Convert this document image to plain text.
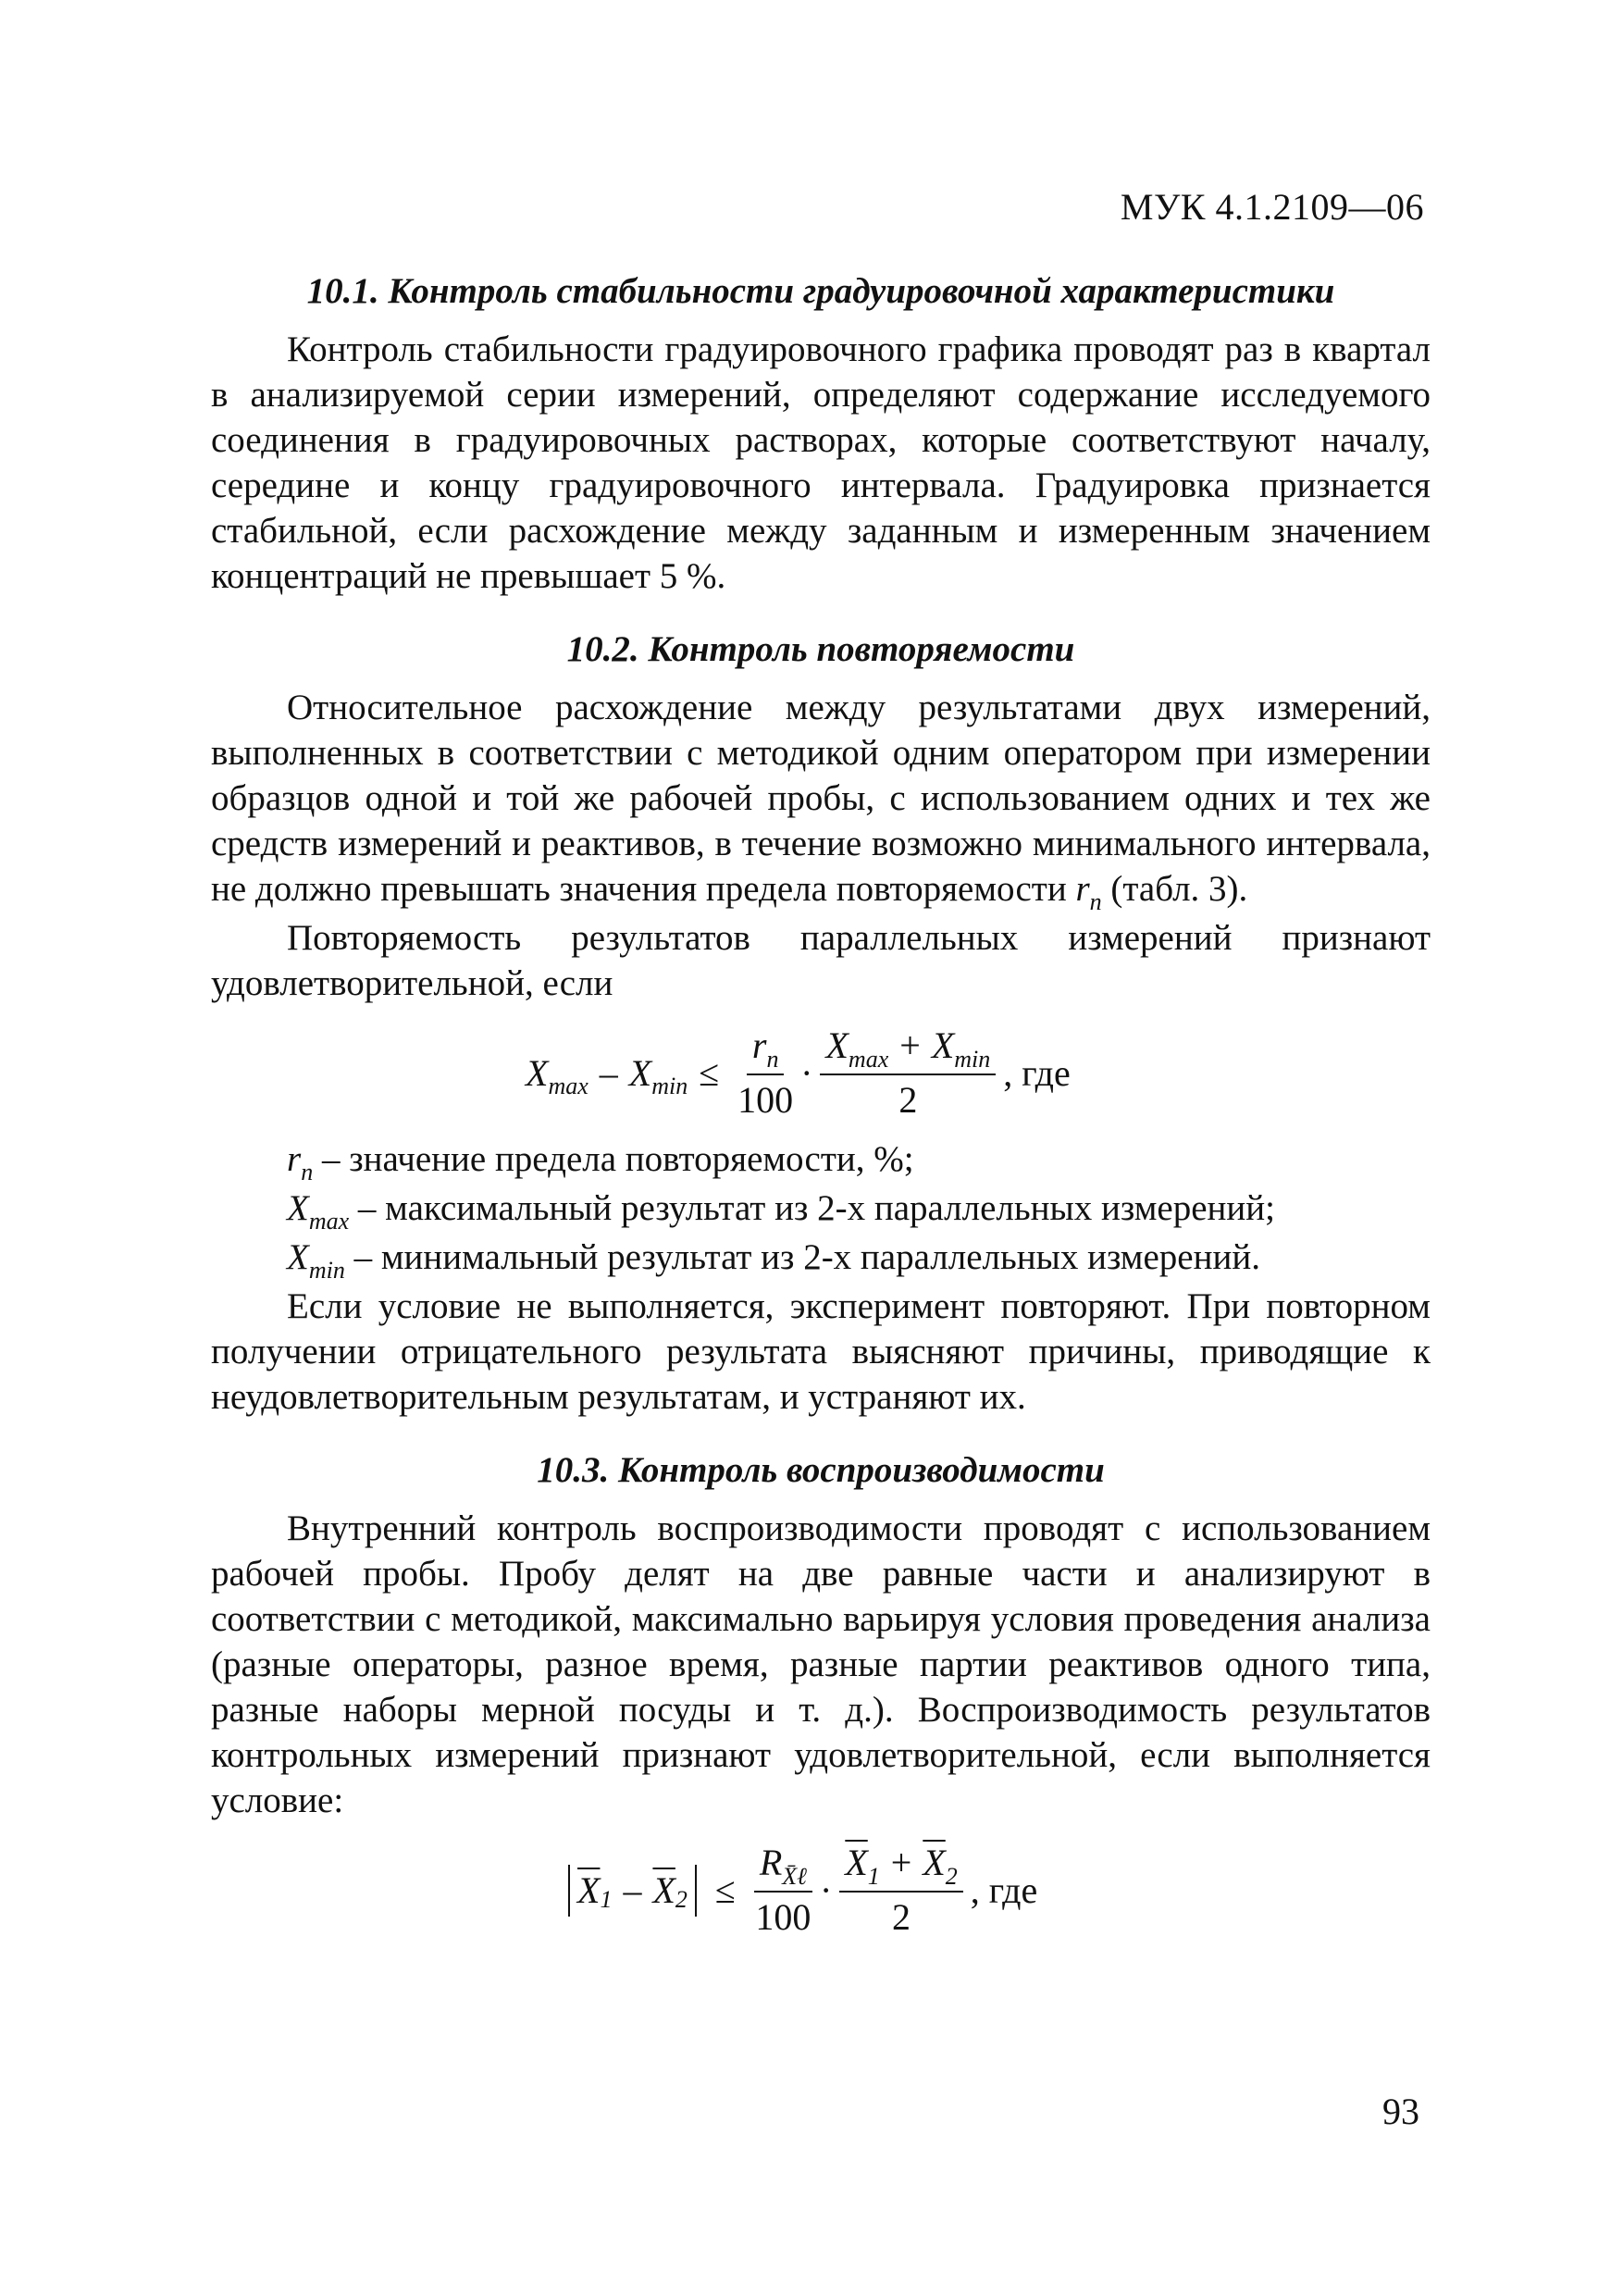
МУК 4.1.2109—06
10.1. Контроль стабильности градуировочной характеристики

Контроль стабильности градуировочного графика проводят раз в квартал в анализируемой серии измерений, определяют содержание исследуемого соединения в градуировочных растворах, которые соответствуют началу, середине и концу градуировочного интервала. Градуировка признается стабильной, если расхождение между заданным и измеренным значением концентраций не превышает 5 %.

10.2. Контроль повторяемости

Относительное расхождение между результатами двух измерений, выполненных в соответствии с методикой одним оператором при измерении образцов одной и той же рабочей пробы, с использованием одних и тех же средств измерений и реактивов, в течение возможно минимального интервала, не должно превышать значения предела повторяемости $r_n$ (табл. 3).

Повторяемость результатов параллельных измерений признают удовлетворительной, если

X max – X $\min \le \frac{r_n}{100} \cdot \frac{X_{max} + X_{min}}{2}$ , где
$r_n$ – значение предела повторяемости, %;
$X_{max}$ – максимальный результат из 2-х параллельных измерений;
$X_{min}$ – минимальный результат из 2-х параллельных измерений.

Если условие не выполняется, эксперимент повторяют. При повторном получении отрицательного результата выясняют причины, приводящие к неудовлетворительным результатам, и устраняют их.

10.3. Контроль воспроизводимости

Внутренний контроль воспроизводимости проводят с использованием рабочей пробы. Пробу делят на две равные части и анализируют в соответствии с методикой, максимально варьируя условия проведения анализа (разные операторы, разное время, разные партии реактивов одного типа, разные наборы мерной посуды и т. д.). Воспроизводимость результатов контрольных измерений признают удовлетворительной, если выполняется условие:

$\overline{X}$ $1 - \overline{X}$ $2 \le \frac{R_{X̄\ell}}{100} \cdot \frac{\overline{X}_1 + \overline{X}_2}{2}$ , где
93
